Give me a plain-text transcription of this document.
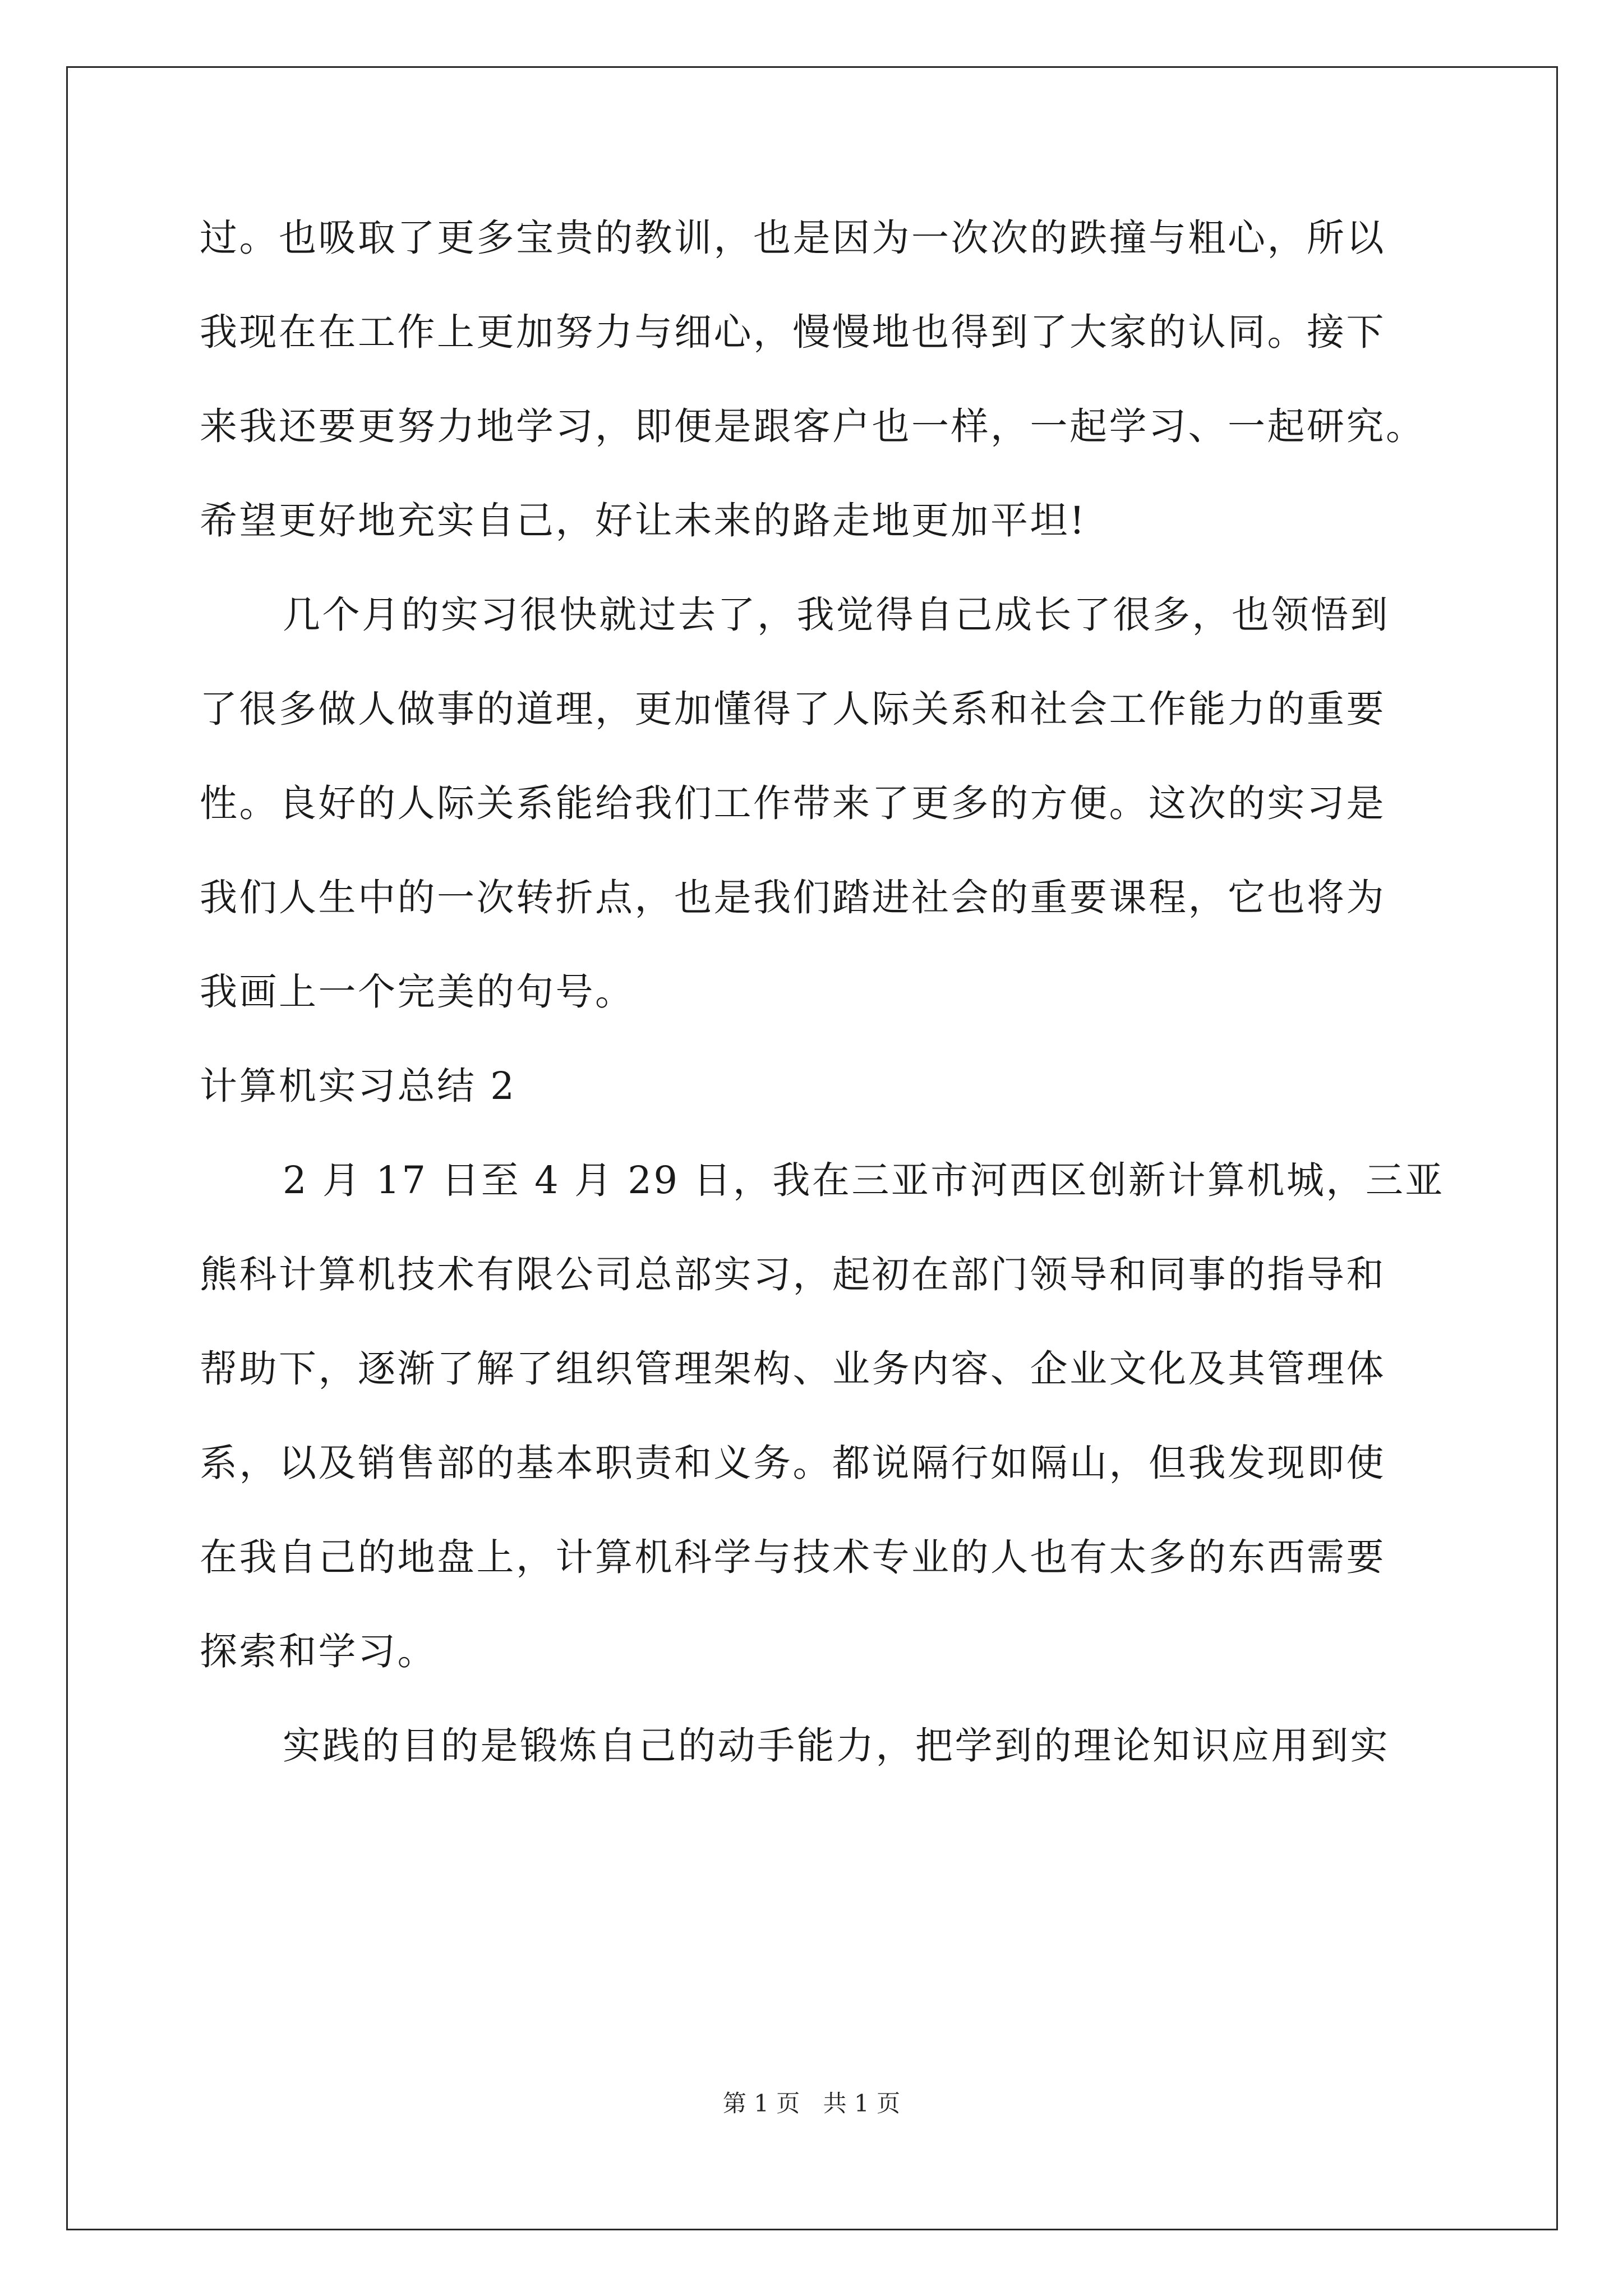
过。也吸取了更多宝贵的教训，也是因为一次次的跌撞与粗心，所以
我现在在工作上更加努力与细心，慢慢地也得到了大家的认同。接下
来我还要更努力地学习，即便是跟客户也一样，一起学习、一起研究。
希望更好地充实自己，好让未来的路走地更加平坦!
几个月的实习很快就过去了，我觉得自己成长了很多，也领悟到
了很多做人做事的道理，更加懂得了人际关系和社会工作能力的重要
性。良好的人际关系能给我们工作带来了更多的方便。这次的实习是
我们人生中的一次转折点，也是我们踏进社会的重要课程，它也将为
我画上一个完美的句号。
计算机实习总结 2
2 月 17 日至 4 月 29 日，我在三亚市河西区创新计算机城，三亚
熊科计算机技术有限公司总部实习，起初在部门领导和同事的指导和
帮助下，逐渐了解了组织管理架构、业务内容、企业文化及其管理体
系，以及销售部的基本职责和义务。都说隔行如隔山，但我发现即使
在我自己的地盘上，计算机科学与技术专业的人也有太多的东西需要
探索和学习。
实践的目的是锻炼自己的动手能力，把学到的理论知识应用到实
第 1 页 共 1 页
